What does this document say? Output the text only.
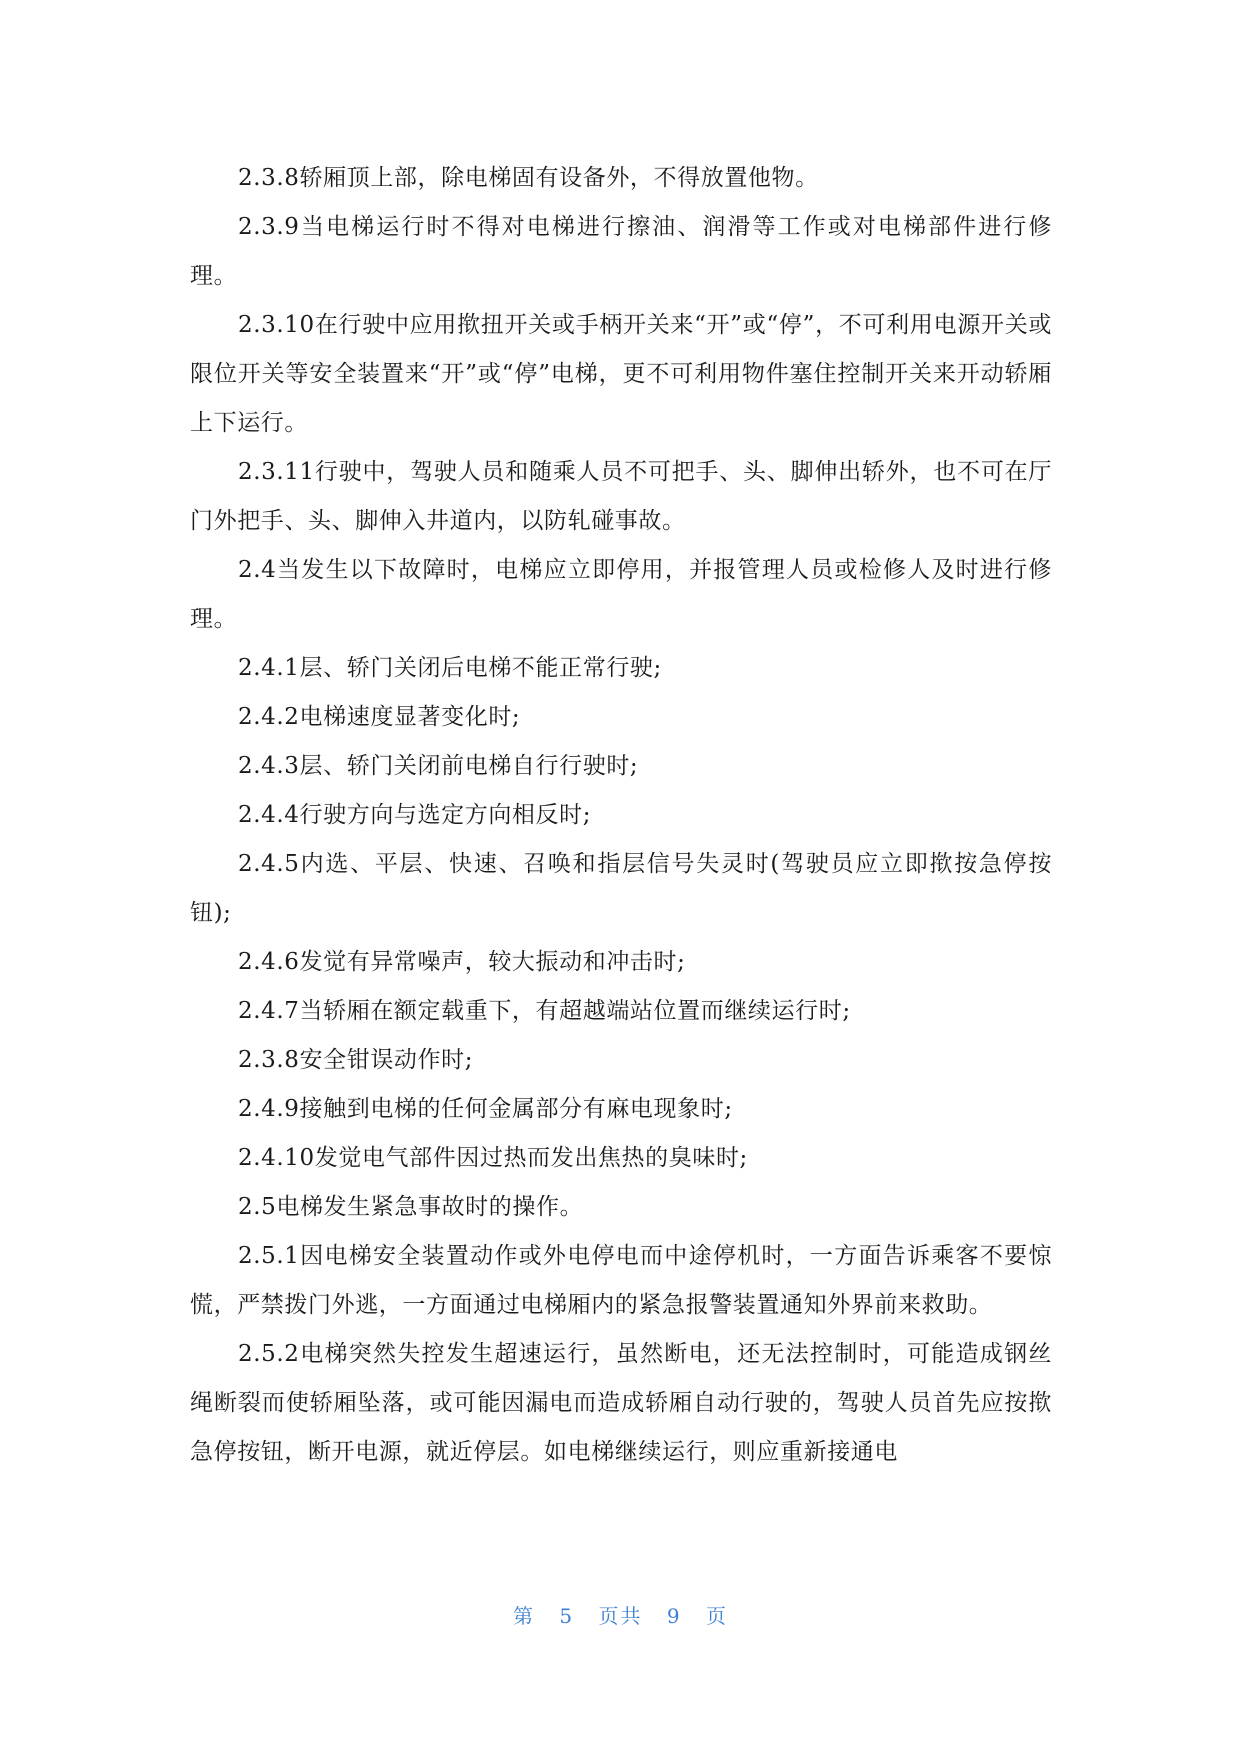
2.3.8轿厢顶上部，除电梯固有设备外，不得放置他物。

2.3.9当电梯运行时不得对电梯进行擦油、润滑等工作或对电梯部件进行修理。

2.3.10在行驶中应用揿扭开关或手柄开关来“开”或“停”，不可利用电源开关或限位开关等安全装置来“开”或“停”电梯，更不可利用物件塞住控制开关来开动轿厢上下运行。

2.3.11行驶中，驾驶人员和随乘人员不可把手、头、脚伸出轿外，也不可在厅门外把手、头、脚伸入井道内，以防轧碰事故。

2.4当发生以下故障时，电梯应立即停用，并报管理人员或检修人及时进行修理。

2.4.1层、轿门关闭后电梯不能正常行驶;

2.4.2电梯速度显著变化时;

2.4.3层、轿门关闭前电梯自行行驶时;

2.4.4行驶方向与选定方向相反时;

2.4.5内选、平层、快速、召唤和指层信号失灵时(驾驶员应立即揿按急停按钮);

2.4.6发觉有异常噪声，较大振动和冲击时;

2.4.7当轿厢在额定载重下，有超越端站位置而继续运行时;

2.3.8安全钳误动作时;

2.4.9接触到电梯的任何金属部分有麻电现象时;

2.4.10发觉电气部件因过热而发出焦热的臭味时;

2.5电梯发生紧急事故时的操作。

2.5.1因电梯安全装置动作或外电停电而中途停机时，一方面告诉乘客不要惊慌，严禁拨门外逃，一方面通过电梯厢内的紧急报警装置通知外界前来救助。

2.5.2电梯突然失控发生超速运行，虽然断电，还无法控制时，可能造成钢丝绳断裂而使轿厢坠落，或可能因漏电而造成轿厢自动行驶的，驾驶人员首先应按揿急停按钮，断开电源，就近停层。如电梯继续运行，则应重新接通电

第 5 页共 9 页
